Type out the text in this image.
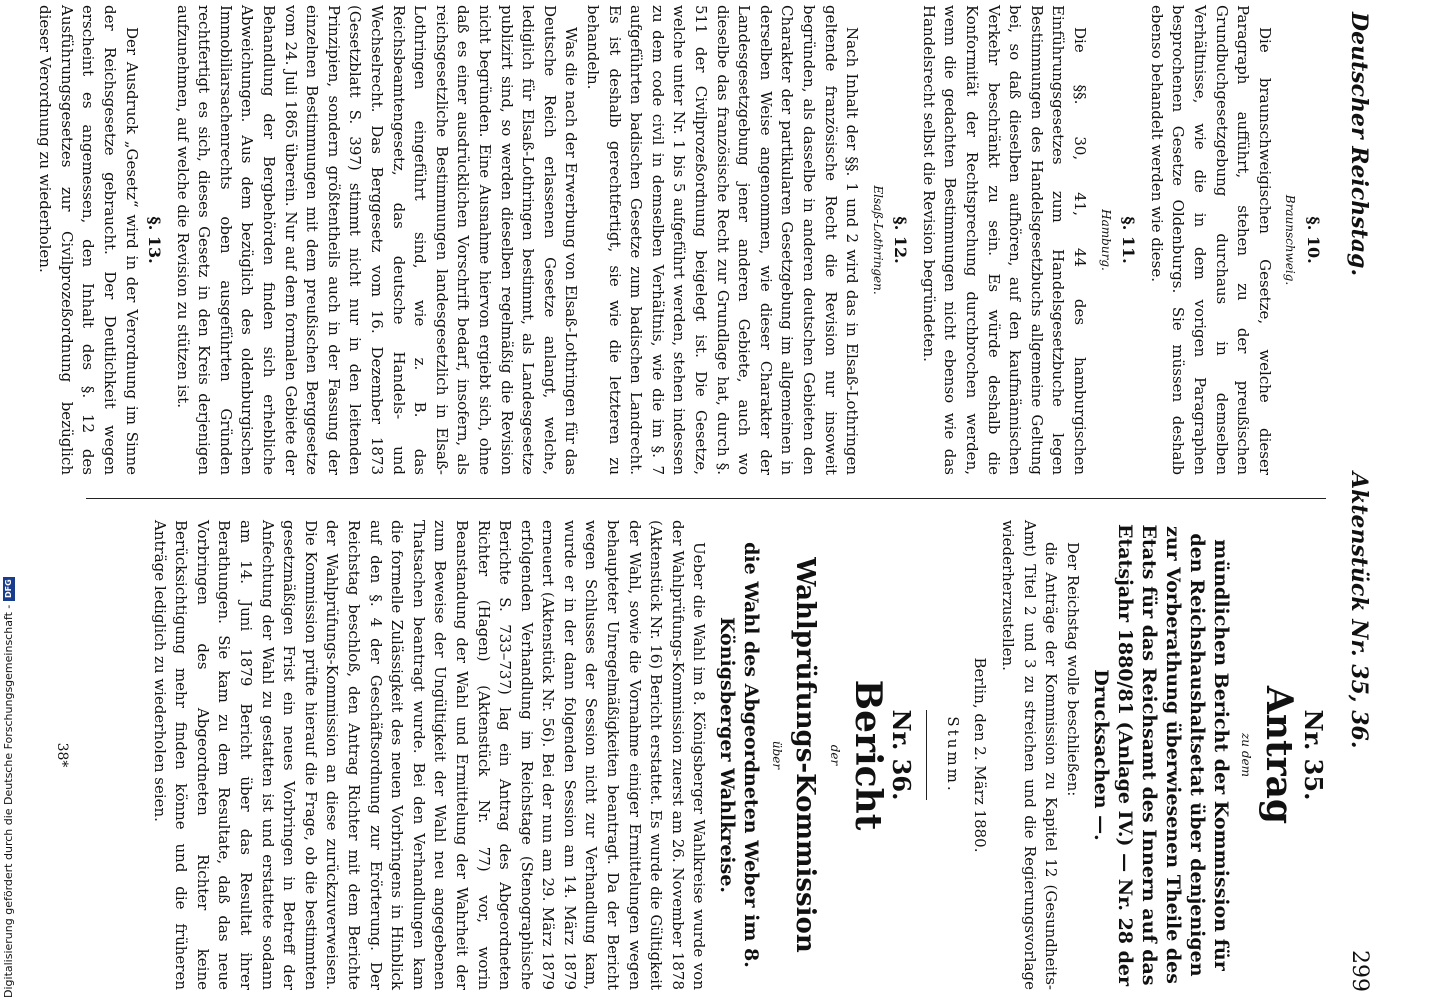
Deutscher Reichstag.
Aktenstück Nr. 35, 36.
299
§. 10.
Braunschweig.

Die braunschweigischen Gesetze, welche dieser Paragraph aufführt, stehen zu der preußischen Grundbuchgesetzgebung durchaus in demselben Verhältnisse, wie die in dem vorigen Paragraphen besprochenen Gesetze Oldenburgs. Sie müssen deshalb ebenso behandelt werden wie diese.

§. 11.
Hamburg.

Die §§. 30, 41, 44 des hamburgischen Einführungsgesetzes zum Handelsgesetzbuche legen Bestimmungen des Handelsgesetzbuchs allgemeine Geltung bei, so daß dieselben aufhören, auf den kaufmännischen Verkehr beschränkt zu sein. Es würde deshalb die Konformität der Rechtsprechung durchbrochen werden, wenn die gedachten Bestimmungen nicht ebenso wie das Handelsrecht selbst die Revision begründeten.

§. 12.
Elsaß-Lothringen.

Nach Inhalt der §§. 1 und 2 wird das in Elsaß-Lothringen geltende französische Recht die Revision nur insoweit begründen, als dasselbe in anderen deutschen Gebieten den Charakter der partikularen Gesetzgebung im allgemeinen in derselben Weise angenommen, wie dieser Charakter der Landesgesetzgebung jener anderen Gebiete, auch wo dieselbe das französische Recht zur Grundlage hat, durch §. 511 der Civilprozeßordnung beigelegt ist. Die Gesetze, welche unter Nr. 1 bis 5 aufgeführt werden, stehen indessen zu dem code civil in demselben Verhältnis, wie die im §. 7 aufgeführten badischen Gesetze zum badischen Landrecht. Es ist deshalb gerechtfertigt, sie wie die letzteren zu behandeln.

Was die nach der Erwerbung von Elsaß-Lothringen für das Deutsche Reich erlassenen Gesetze anlangt, welche, lediglich für Elsaß-Lothringen bestimmt, als Landesgesetze publizirt sind, so werden dieselben regelmäßig die Revision nicht begründen. Eine Ausnahme hiervon ergiebt sich, ohne daß es einer ausdrücklichen Vorschrift bedarf, insofern, als reichsgesetzliche Bestimmungen landesgesetzlich in Elsaß-Lothringen eingeführt sind, wie z. B. das Reichsbeamtengesetz, das deutsche Handels- und Wechselrecht. Das Berggesetz vom 16. Dezember 1873 (Gesetzblatt S. 397) stimmt nicht nur in den leitenden Prinzipien, sondern größtentheils auch in der Fassung der einzelnen Bestimmungen mit dem preußischen Berggesetze vom 24. Juli 1865 überein. Nur auf dem formalen Gebiete der Behandlung der Bergbehörden finden sich erhebliche Abweichungen. Aus dem bezüglich des oldenburgischen Immobiliarsachenrechts oben ausgeführten Gründen rechtfertigt es sich, dieses Gesetz in den Kreis derjenigen aufzunehmen, auf welche die Revision zu stützen ist.

§. 13.

Der Ausdruck „Gesetz“ wird in der Verordnung im Sinne der Reichsgesetze gebraucht. Der Deutlichkeit wegen erscheint es angemessen, den Inhalt des §. 12 des Ausführungsgesetzes zur Civilprozeßordnung bezüglich dieser Verordnung zu wiederholen.

Nr. 35.
Antrag
zu dem
mündlichen Bericht der Kommission für den Reichshaushaltsetat über denjenigen zur Vorberathung überwiesenen Theile des Etats für das Reichsamt des Innern auf das Etatsjahr 1880/81 (Anlage IV.) — Nr. 28 der Drucksachen —.

Der Reichstag wolle beschließen:

die Anträge der Kommission zu Kapitel 12 (Gesundheits-Amt) Titel 2 und 3 zu streichen und die Regierungsvorlage wiederherzustellen.

Berlin, den 2. März 1880.
Stumm.
Nr. 36.
Bericht
der
Wahlprüfungs-Kommission
über
die Wahl des Abgeordneten Weber im 8. Königsberger Wahlkreise.

Ueber die Wahl im 8. Königsberger Wahlkreise wurde von der Wahlprüfungs-Kommission zuerst am 26. November 1878 (Aktenstück Nr. 16) Bericht erstattet. Es wurde die Gültigkeit der Wahl, sowie die Vornahme einiger Ermittelungen wegen behaupteter Unregelmäßigkeiten beantragt. Da der Bericht wegen Schlusses der Session nicht zur Verhandlung kam, wurde er in der dann folgenden Session am 14. März 1879 erneuert (Aktenstück Nr. 56). Bei der nun am 29. März 1879 erfolgenden Verhandlung im Reichstage (Stenographische Berichte S. 733–737) lag ein Antrag des Abgeordneten Richter (Hagen) (Aktenstück Nr. 77) vor, worin Beanstandung der Wahl und Ermittelung der Wahrheit der zum Beweise der Ungültigkeit der Wahl neu angegebenen Thatsachen beantragt wurde. Bei den Verhandlungen kam die formelle Zulässigkeit des neuen Vorbringens in Hinblick auf den §. 4 der Geschäftsordnung zur Erörterung. Der Reichstag beschloß, den Antrag Richter mit dem Berichte der Wahlprüfungs-Kommission an diese zurückzuverweisen. Die Kommission prüfte hierauf die Frage, ob die bestimmten gesetzmäßigen Frist ein neues Vorbringen in Betreff der Anfechtung der Wahl zu gestatten ist und erstattete sodann am 14. Juni 1879 Bericht über das Resultat ihrer Berathungen. Sie kam zu dem Resultate, daß das neue Vorbringen des Abgeordneten Richter keine Berücksichtigung mehr finden könne und die früheren Anträge lediglich zu wiederholen seien.

38*
Digitalisierung gefördert durch die Deutsche Forschungsgemeinschaft -
DFG
